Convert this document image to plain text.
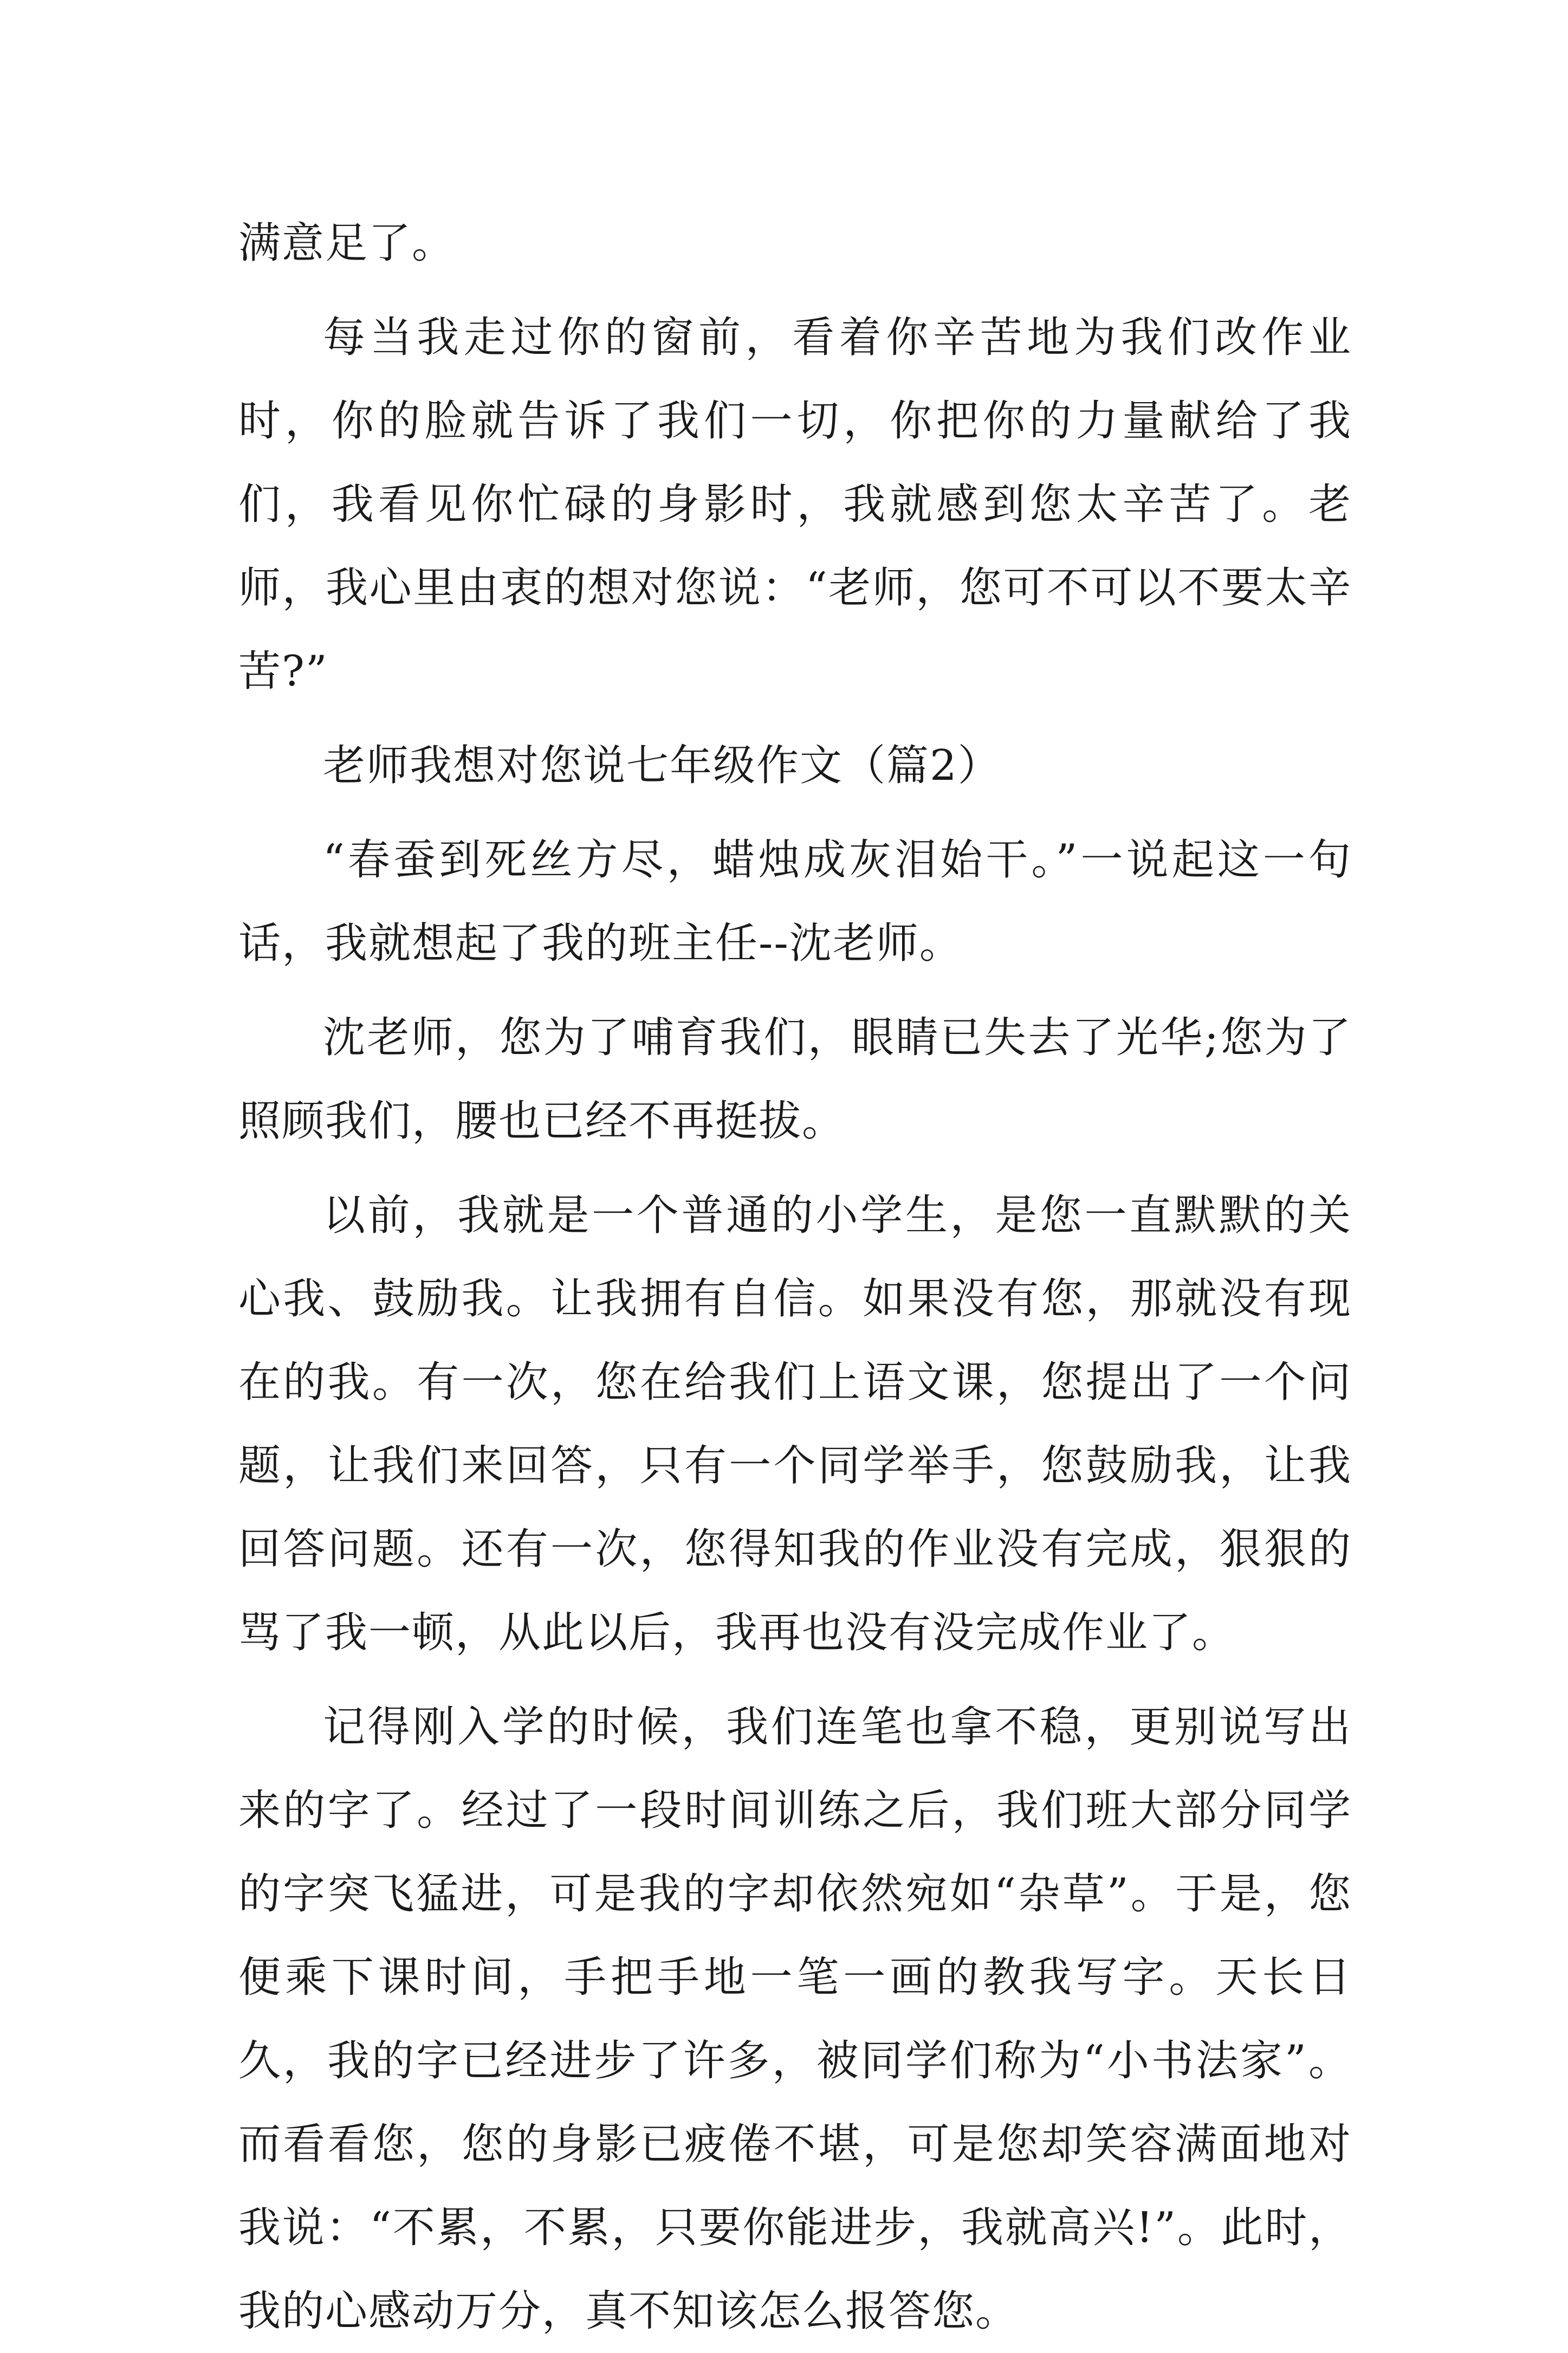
满意足了。

每当我走过你的窗前，看着你辛苦地为我们改作业时，你的脸就告诉了我们一切，你把你的力量献给了我们，我看见你忙碌的身影时，我就感到您太辛苦了。老师，我心里由衷的想对您说：“老师，您可不可以不要太辛苦?”

老师我想对您说七年级作文（篇2）

“春蚕到死丝方尽，蜡烛成灰泪始干。”一说起这一句话，我就想起了我的班主任--沈老师。

沈老师，您为了哺育我们，眼睛已失去了光华;您为了照顾我们，腰也已经不再挺拔。

以前，我就是一个普通的小学生，是您一直默默的关心我、鼓励我。让我拥有自信。如果没有您，那就没有现在的我。有一次，您在给我们上语文课，您提出了一个问题，让我们来回答，只有一个同学举手，您鼓励我，让我回答问题。还有一次，您得知我的作业没有完成，狠狠的骂了我一顿，从此以后，我再也没有没完成作业了。

记得刚入学的时候，我们连笔也拿不稳，更别说写出来的字了。经过了一段时间训练之后，我们班大部分同学的字突飞猛进，可是我的字却依然宛如“杂草”。于是，您便乘下课时间，手把手地一笔一画的教我写字。天长日久，我的字已经进步了许多，被同学们称为“小书法家”。而看看您，您的身影已疲倦不堪，可是您却笑容满面地对我说：“不累，不累，只要你能进步，我就高兴!”。此时，我的心感动万分，真不知该怎么报答您。
